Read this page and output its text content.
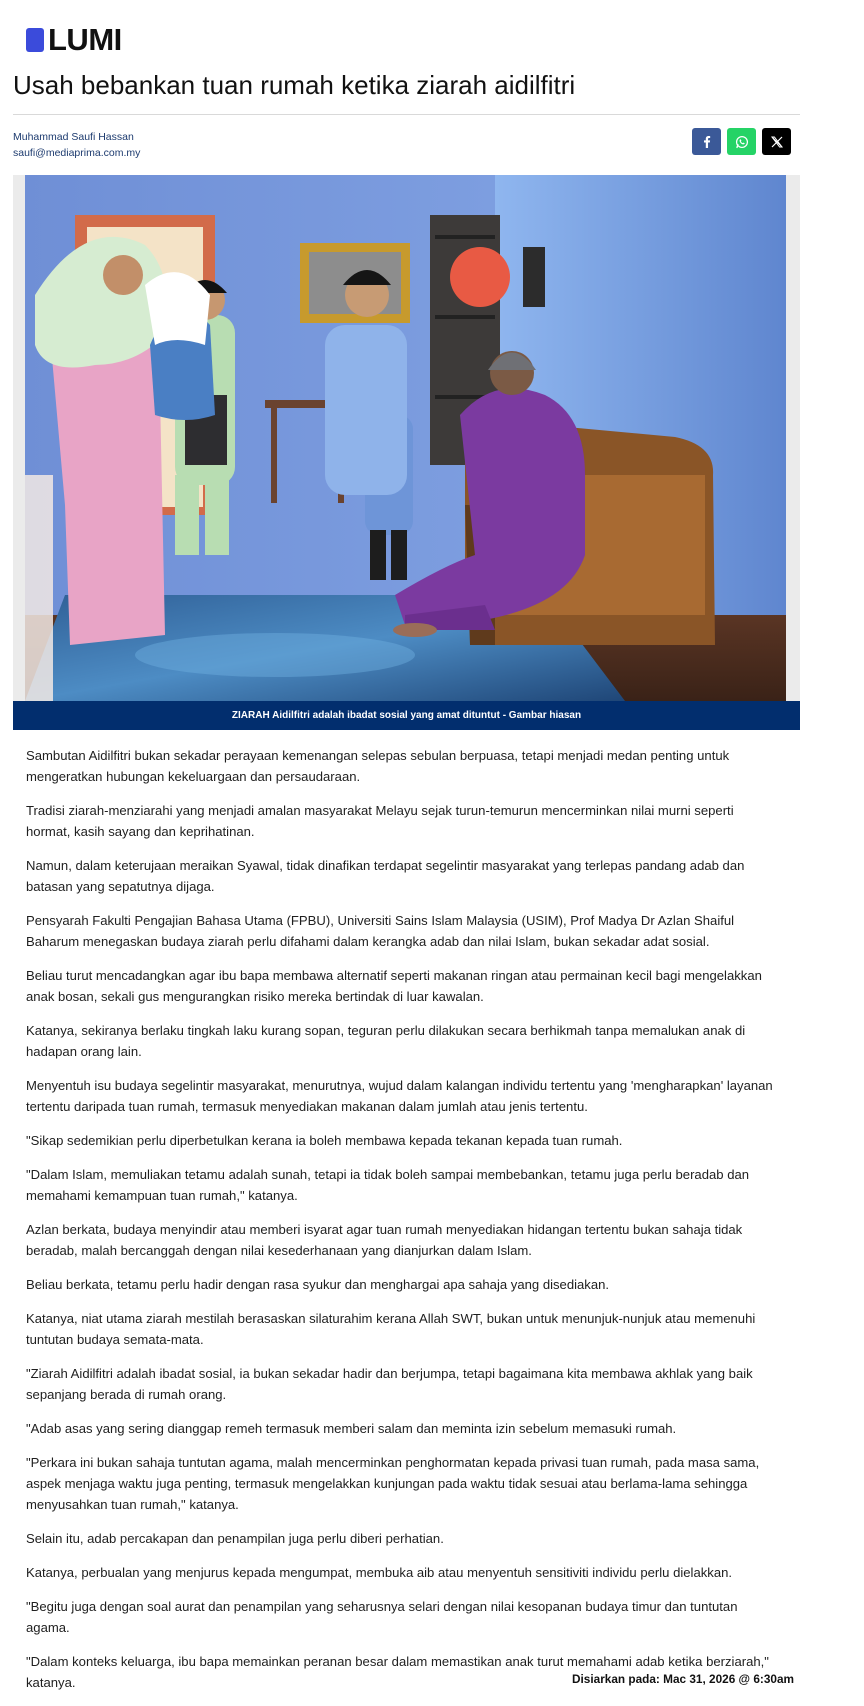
LUMI
Usah bebankan tuan rumah ketika ziarah aidilfitri
Muhammad Saufi Hassan
saufi@mediaprima.com.my
ZIARAH Aidilfitri adalah ibadat sosial yang amat dituntut - Gambar hiasan

Sambutan Aidilfitri bukan sekadar perayaan kemenangan selepas sebulan berpuasa, tetapi menjadi medan penting untuk mengeratkan hubungan kekeluargaan dan persaudaraan.

Tradisi ziarah-menziarahi yang menjadi amalan masyarakat Melayu sejak turun-temurun mencerminkan nilai murni seperti hormat, kasih sayang dan keprihatinan.

Namun, dalam keterujaan meraikan Syawal, tidak dinafikan terdapat segelintir masyarakat yang terlepas pandang adab dan batasan yang sepatutnya dijaga.

Pensyarah Fakulti Pengajian Bahasa Utama (FPBU), Universiti Sains Islam Malaysia (USIM), Prof Madya Dr Azlan Shaiful Baharum menegaskan budaya ziarah perlu difahami dalam kerangka adab dan nilai Islam, bukan sekadar adat sosial.

Beliau turut mencadangkan agar ibu bapa membawa alternatif seperti makanan ringan atau permainan kecil bagi mengelakkan anak bosan, sekali gus mengurangkan risiko mereka bertindak di luar kawalan.

Katanya, sekiranya berlaku tingkah laku kurang sopan, teguran perlu dilakukan secara berhikmah tanpa memalukan anak di hadapan orang lain.

Menyentuh isu budaya segelintir masyarakat, menurutnya, wujud dalam kalangan individu tertentu yang 'mengharapkan' layanan tertentu daripada tuan rumah, termasuk menyediakan makanan dalam jumlah atau jenis tertentu.

"Sikap sedemikian perlu diperbetulkan kerana ia boleh membawa kepada tekanan kepada tuan rumah.

"Dalam Islam, memuliakan tetamu adalah sunah, tetapi ia tidak boleh sampai membebankan, tetamu juga perlu beradab dan memahami kemampuan tuan rumah," katanya.

Azlan berkata, budaya menyindir atau memberi isyarat agar tuan rumah menyediakan hidangan tertentu bukan sahaja tidak beradab, malah bercanggah dengan nilai kesederhanaan yang dianjurkan dalam Islam.

Beliau berkata, tetamu perlu hadir dengan rasa syukur dan menghargai apa sahaja yang disediakan.

Katanya, niat utama ziarah mestilah berasaskan silaturahim kerana Allah SWT, bukan untuk menunjuk-nunjuk atau memenuhi tuntutan budaya semata-mata.

"Ziarah Aidilfitri adalah ibadat sosial, ia bukan sekadar hadir dan berjumpa, tetapi bagaimana kita membawa akhlak yang baik sepanjang berada di rumah orang.

"Adab asas yang sering dianggap remeh termasuk memberi salam dan meminta izin sebelum memasuki rumah.

"Perkara ini bukan sahaja tuntutan agama, malah mencerminkan penghormatan kepada privasi tuan rumah, pada masa sama, aspek menjaga waktu juga penting, termasuk mengelakkan kunjungan pada waktu tidak sesuai atau berlama-lama sehingga menyusahkan tuan rumah," katanya.

Selain itu, adab percakapan dan penampilan juga perlu diberi perhatian.

Katanya, perbualan yang menjurus kepada mengumpat, membuka aib atau menyentuh sensitiviti individu perlu dielakkan.

"Begitu juga dengan soal aurat dan penampilan yang seharusnya selari dengan nilai kesopanan budaya timur dan tuntutan agama.

"Dalam konteks keluarga, ibu bapa memainkan peranan besar dalam memastikan anak turut memahami adab ketika berziarah," katanya.	Disiarkan pada: Mac 31, 2026 @ 6:30am
